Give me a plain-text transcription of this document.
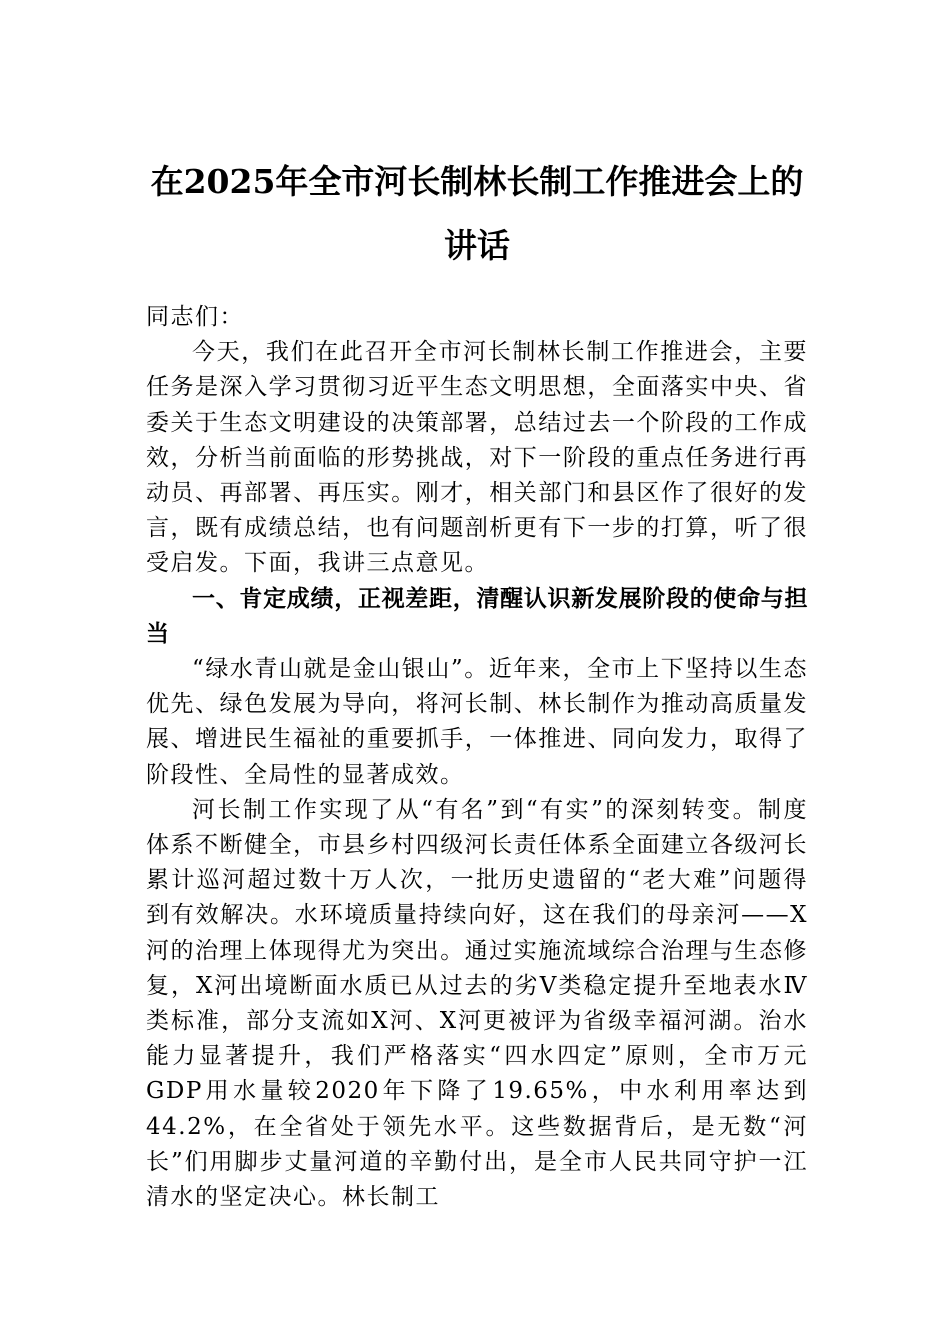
在2025年全市河长制林长制工作推进会上的讲话

同志们：

今天，我们在此召开全市河长制林长制工作推进会，主要任务是深入学习贯彻习近平生态文明思想，全面落实中央、省委关于生态文明建设的决策部署，总结过去一个阶段的工作成效，分析当前面临的形势挑战，对下一阶段的重点任务进行再动员、再部署、再压实。刚才，相关部门和县区作了很好的发言，既有成绩总结，也有问题剖析更有下一步的打算，听了很受启发。下面，我讲三点意见。

一、肯定成绩，正视差距，清醒认识新发展阶段的使命与担当

“绿水青山就是金山银山”。近年来，全市上下坚持以生态优先、绿色发展为导向，将河长制、林长制作为推动高质量发展、增进民生福祉的重要抓手，一体推进、同向发力，取得了阶段性、全局性的显著成效。

河长制工作实现了从“有名”到“有实”的深刻转变。制度体系不断健全，市县乡村四级河长责任体系全面建立各级河长累计巡河超过数十万人次，一批历史遗留的“老大难”问题得到有效解决。水环境质量持续向好，这在我们的母亲河——X河的治理上体现得尤为突出。通过实施流域综合治理与生态修复，X河出境断面水质已从过去的劣Ⅴ类稳定提升至地表水Ⅳ类标准，部分支流如X河、X河更被评为省级幸福河湖。治水能力显著提升，我们严格落实“四水四定”原则，全市万元GDP用水量较2020年下降了19.65%，中水利用率达到44.2%，在全省处于领先水平。这些数据背后，是无数“河长”们用脚步丈量河道的辛勤付出，是全市人民共同守护一江清水的坚定决心。林长制工
